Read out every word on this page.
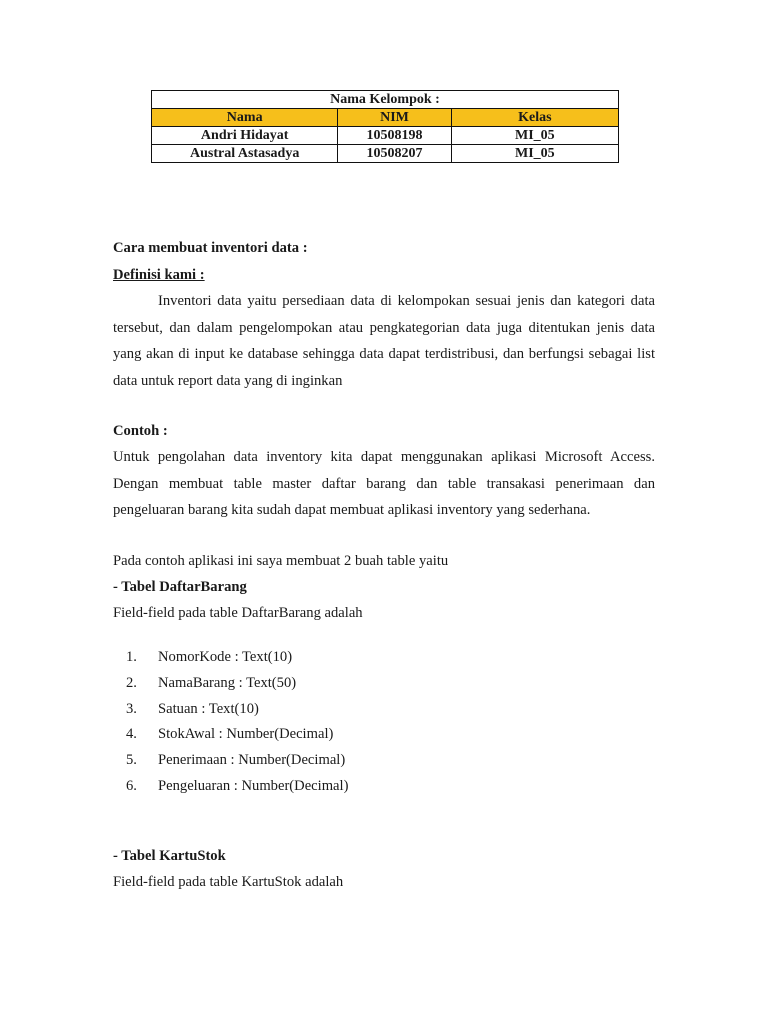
Nama Kelompok :		
Nama	NIM	Kelas
Andri Hidayat	10508198	MI_05
Austral Astasadya	10508207	MI_05
Cara membuat inventori data :
Definisi kami :
Inventori data yaitu persediaan data di kelompokan sesuai jenis dan kategori data tersebut, dan dalam pengelompokan atau pengkategorian data juga ditentukan jenis data yang akan di input ke database sehingga data dapat terdistribusi, dan berfungsi sebagai list data untuk report data yang di inginkan
Contoh :
Untuk pengolahan data inventory kita dapat menggunakan aplikasi Microsoft Access. Dengan membuat table master daftar barang dan table transakasi penerimaan dan pengeluaran barang kita sudah dapat membuat aplikasi inventory yang sederhana.
Pada contoh aplikasi ini saya membuat 2 buah table yaitu
- Tabel DaftarBarang
Field-field pada table DaftarBarang adalah
1. NomorKode : Text(10)
2. NamaBarang : Text(50)
3. Satuan : Text(10)
4. StokAwal : Number(Decimal)
5. Penerimaan : Number(Decimal)
6. Pengeluaran : Number(Decimal)
- Tabel KartuStok
Field-field pada table KartuStok adalah
